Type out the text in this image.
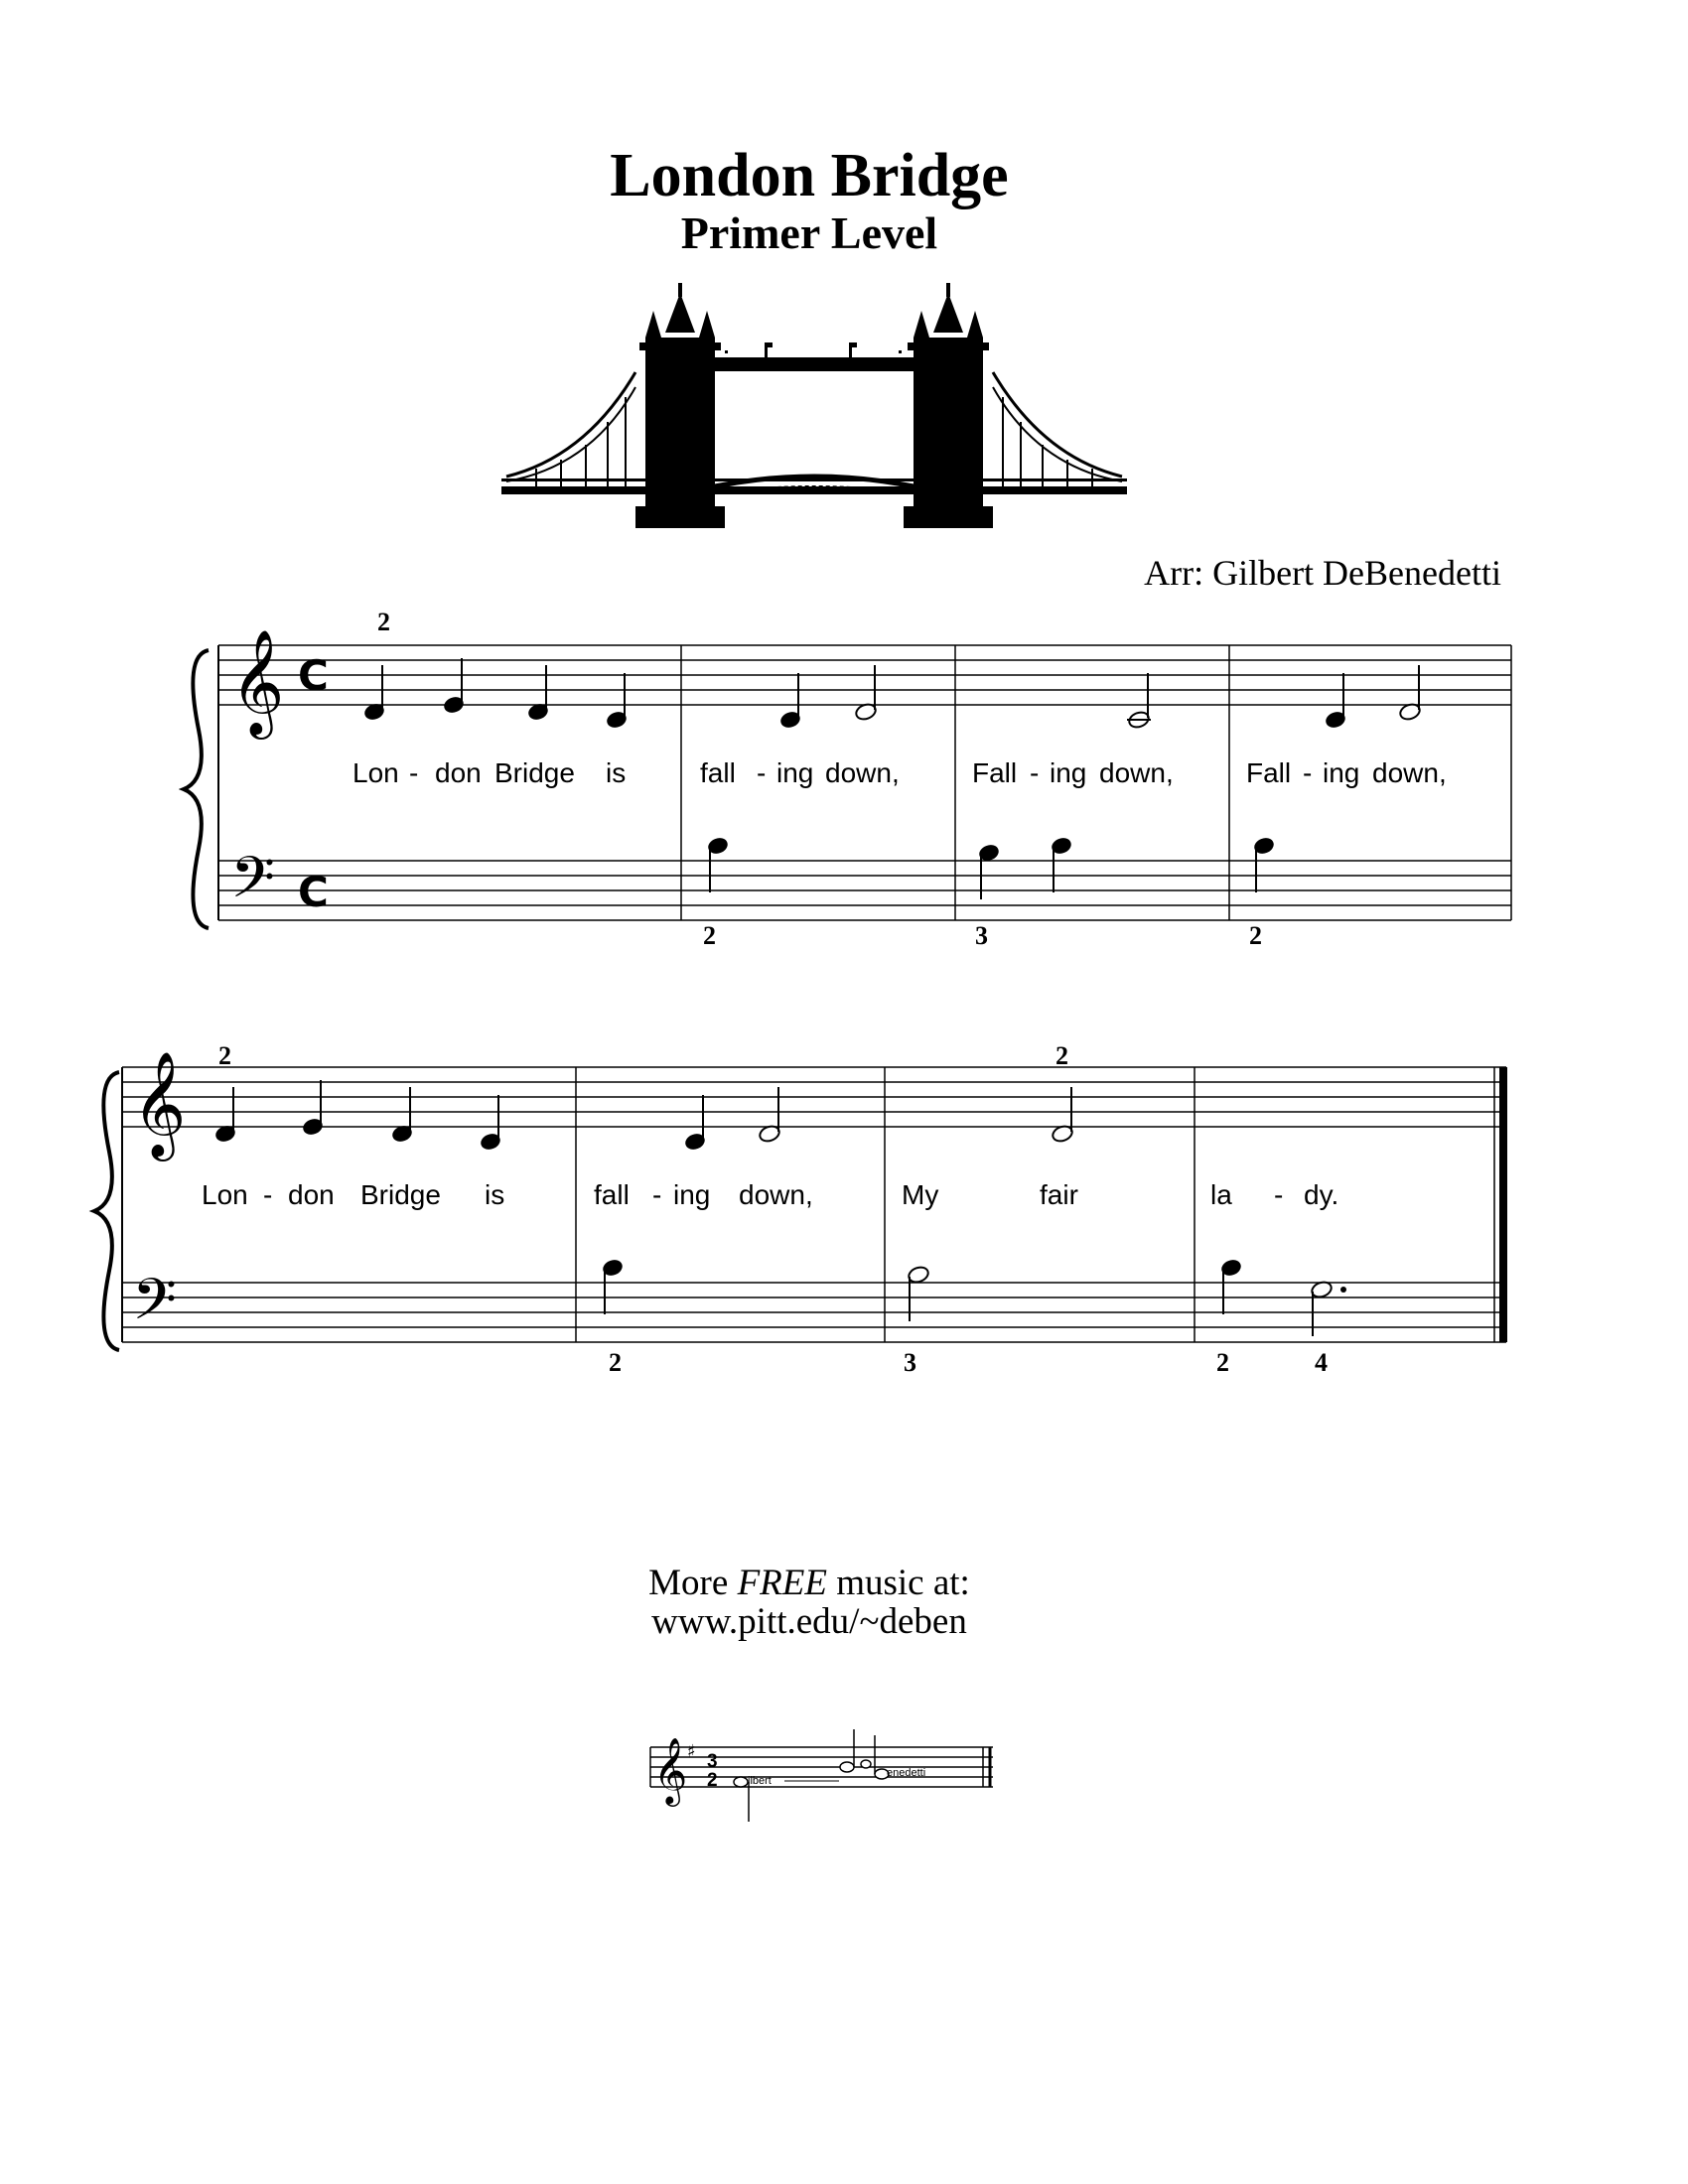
London Bridge
Primer Level
Arr: Gilbert DeBenedetti
𝄞
𝄢
C
C
2
Lon - don Bridge is	fall - ing down,	Fall - ing down,	Fall - ing down,
2	3	2
𝄞
𝄢
2	2
Lon - don Bridge is	fall - ing down,	My	fair	la - dy.
2	3	2	4
More FREE music at:
www.pitt.edu/~deben
𝄞 ♯ 3
2	ilbert
enedetti
